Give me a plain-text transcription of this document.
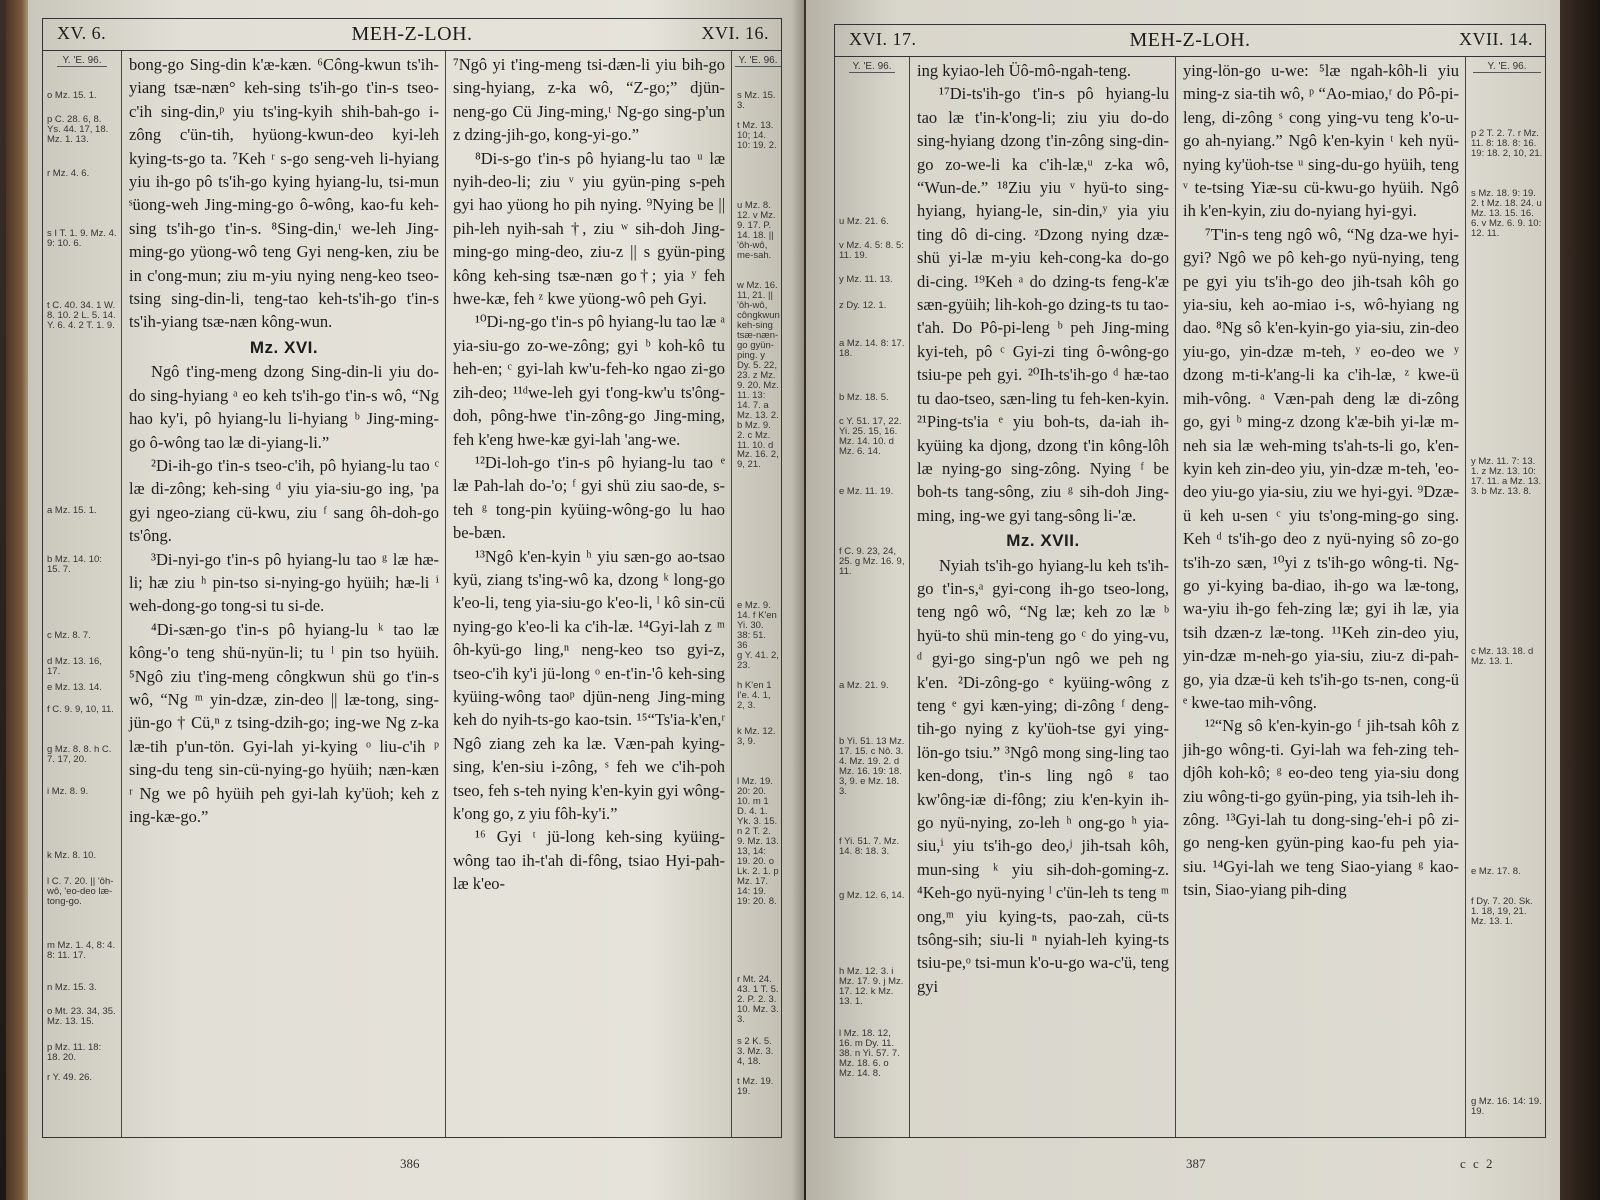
XV. 6.	MEH-Z-LOH.	XVI. 16.
Y. 'E. 96.
o Mz. 15. 1.
p C. 28. 6, 8. Ys. 44. 17, 18. Mz. 1. 13.
r Mz. 4. 6.
s I T. 1. 9. Mz. 4. 9: 10. 6.
t C. 40. 34. 1 W. 8. 10. 2 L. 5. 14. Y. 6. 4. 2 T. 1. 9.
a Mz. 15. 1.
b Mz. 14. 10: 15. 7.
c Mz. 8. 7.
d Mz. 13. 16, 17.
e Mz. 13. 14.
f C. 9. 9, 10, 11.
g Mz. 8. 8. h C. 7. 17, 20.
i Mz. 8. 9.
k Mz. 8. 10.
l C. 7. 20. || 'ôh-wô, 'eo-deo læ-tong-go.
m Mz. 1. 4, 8: 4. 8: 11. 17.
n Mz. 15. 3.
o Mt. 23. 34, 35. Mz. 13. 15.
p Mz. 11. 18: 18. 20.
r Y. 49. 26.

bong-go Sing-din k'æ-kæn. ⁶Công-kwun ts'ih-yiang tsæ-næn° keh-sing ts'ih-go t'in-s tseo-c'ih sing-din,ᵖ yiu ts'ing-kyih shih-bah-go i-zông c'ün-tih, hyüong-kwun-deo kyi-leh kying-ts-go ta. ⁷Keh ʳ s-go seng-veh li-hyiang yiu ih-go pô ts'ih-go kying hyiang-lu, tsi-mun ˢüong-weh Jing-ming-go ô-wông, kao-fu keh-sing ts'ih-go t'in-s. ⁸Sing-din,ᵗ we-leh Jing-ming-go yüong-wô teng Gyi neng-ken, ziu be in c'ong-mun; ziu m-yiu nying neng-keo tseo-tsing sing-din-li, teng-tao keh-ts'ih-go t'in-s ts'ih-yiang tsæ-næn kông-wun.

Mz. XVI.

Ngô t'ing-meng dzong Sing-din-li yiu do-do sing-hyiang ᵃ eo keh ts'ih-go t'in-s wô, “Ng hao ky'i, pô hyiang-lu li-hyiang ᵇ Jing-ming-go ô-wông tao læ di-yiang-li.”

²Di-ih-go t'in-s tseo-c'ih, pô hyiang-lu tao ᶜ læ di-zông; keh-sing ᵈ yiu yia-siu-go ing, 'pa gyi ngeo-ziang cü-kwu, ziu ᶠ sang ôh-doh-go ts'ông.

³Di-nyi-go t'in-s pô hyiang-lu tao ᵍ læ hæ-li; hæ ziu ʰ pin-tso si-nying-go hyüih; hæ-li ⁱ weh-dong-go tong-si tu si-de.

⁴Di-sæn-go t'in-s pô hyiang-lu ᵏ tao læ kông-'o teng shü-nyün-li; tu ˡ pin tso hyüih. ⁵Ngô ziu t'ing-meng côngkwun shü go t'in-s wô, “Ng ᵐ yin-dzæ, zin-deo || læ-tong, sing-jün-go † Cü,ⁿ z tsing-dzih-go; ing-we Ng z-ka læ-tih p'un-tön. Gyi-lah yi-kying ᵒ liu-c'ih ᵖ sing-du teng sin-cü-nying-go hyüih; næn-kæn ʳ Ng we pô hyüih peh gyi-lah ky'üoh; keh z ing-kæ-go.”

⁷Ngô yi t'ing-meng tsi-dæn-li yiu bih-go sing-hyiang, z-ka wô, “Z-go;” djün-neng-go Cü Jing-ming,ᵗ Ng-go sing-p'un z dzing-jih-go, kong-yi-go.”

⁸Di-s-go t'in-s pô hyiang-lu tao ᵘ læ nyih-deo-li; ziu ᵛ yiu gyün-ping s-peh gyi hao yüong ho pih nying. ⁹Nying be || pih-leh nyih-sah †, ziu ʷ sih-doh Jing-ming-go ming-deo, ziu-z || s gyün-ping kông keh-sing tsæ-næn go†; yia ʸ feh hwe-kæ, feh ᶻ kwe yüong-wô peh Gyi.

¹⁰Di-ng-go t'in-s pô hyiang-lu tao læ ᵃ yia-siu-go zo-we-zông; gyi ᵇ koh-kô tu heh-en; ᶜ gyi-lah kw'u-feh-ko ngao zi-go zih-deo; ¹¹ᵈwe-leh gyi t'ong-kw'u ts'ông-doh, pông-hwe t'in-zông-go Jing-ming, feh k'eng hwe-kæ gyi-lah 'ang-we.

¹²Di-loh-go t'in-s pô hyiang-lu tao ᵉ læ Pah-lah do-'o; ᶠ gyi shü ziu sao-de, s-teh ᵍ tong-pin kyüing-wông-go lu hao be-bæn.

¹³Ngô k'en-kyin ʰ yiu sæn-go ao-tsao kyü, ziang ts'ing-wô ka, dzong ᵏ long-go k'eo-li, teng yia-siu-go k'eo-li, ˡ kô sin-cü nying-go k'eo-li ka c'ih-læ. ¹⁴Gyi-lah z ᵐ ôh-kyü-go ling,ⁿ neng-keo tso gyi-z, tseo-c'ih ky'i jü-long ᵒ en-t'in-'ô keh-sing kyüing-wông taoᵖ djün-neng Jing-ming keh do nyih-ts-go kao-tsin. ¹⁵“Ts'ia-k'en,ʳ Ngô ziang zeh ka læ. Væn-pah kying-sing, k'en-siu i-zông, ˢ feh we c'ih-poh tseo, feh s-teh nying k'en-kyin gyi wông-k'ong go, z yiu fôh-ky'i.”

¹⁶ Gyi ᵗ jü-long keh-sing kyüing-wông tao ih-t'ah di-fông, tsiao Hyi-pah-læ k'eo-

Y. 'E. 96.
s Mz. 15. 3.
t Mz. 13. 10; 14. 10: 19. 2.
u Mz. 8. 12. v Mz. 9. 17. P. 14. 18. || 'ôh-wô, me-sah.
w Mz. 16. 11, 21. || 'ôh-wô, côngkwun keh-sing tsæ-næn-go gyün-ping. y Dy. 5. 22, 23. z Mz. 9. 20. Mz. 11. 13: 14. 7. a Mz. 13. 2. b Mz. 9. 2. c Mz. 11. 10. d Mz. 16. 2, 9, 21.
e Mz. 9. 14. f K'en Yi. 30. 38: 51. 36
g Y. 41. 2, 23.
h K'en 1 I'e. 4. 1, 2, 3.
k Mz. 12. 3, 9.
l Mz. 19. 20: 20. 10. m 1 D. 4. 1. Yk. 3. 15. n 2 T. 2. 9. Mz. 13. 13, 14: 19. 20. o Lk. 2. 1. p Mz. 17. 14: 19. 19: 20. 8.
r Mt. 24. 43. 1 T. 5. 2. P. 2. 3. 10. Mz. 3. 3.
s 2 K. 5. 3. Mz. 3. 4, 18.
t Mz. 19. 19.
386
XVI. 17.	MEH-Z-LOH.	XVII. 14.
Y. 'E. 96.
u Mz. 21. 6.
v Mz. 4. 5: 8. 5: 11. 19.
y Mz. 11. 13.
z Dy. 12. 1.
a Mz. 14. 8: 17. 18.
b Mz. 18. 5.
c Y. 51. 17, 22. Yi. 25. 15, 16. Mz. 14. 10. d Mz. 6. 14.
e Mz. 11. 19.
f C. 9. 23, 24, 25. g Mz. 16. 9, 11.
a Mz. 21. 9.
b Yi. 51. 13 Mz. 17. 15. c Nô. 3. 4. Mz. 19. 2. d Mz. 16. 19: 18. 3, 9. e Mz. 18. 3.
f Yi. 51. 7. Mz. 14. 8: 18. 3.
g Mz. 12. 6, 14.
h Mz. 12. 3. i Mz. 17. 9. j Mz. 17. 12. k Mz. 13. 1.
l Mz. 18. 12, 16. m Dy. 11. 38. n Yi. 57. 7. Mz. 18. 6. o Mz. 14. 8.

ing kyiao-leh Üô-mô-ngah-teng.

¹⁷Di-ts'ih-go t'in-s pô hyiang-lu tao læ t'in-k'ong-li; ziu yiu do-do sing-hyiang dzong t'in-zông sing-din-go zo-we-li ka c'ih-læ,ᵘ z-ka wô, “Wun-de.” ¹⁸Ziu yiu ᵛ hyü-to sing-hyiang, hyiang-le, sin-din,ʸ yia yiu ting dô di-cing. ᶻDzong nying dzæ-shü yi-læ m-yiu keh-cong-ka do-go di-cing. ¹⁹Keh ᵃ do dzing-ts feng-k'æ sæn-gyüih; lih-koh-go dzing-ts tu tao-t'ah. Do Pô-pi-leng ᵇ peh Jing-ming kyi-teh, pô ᶜ Gyi-zi ting ô-wông-go tsiu-pe peh gyi. ²⁰Ih-ts'ih-go ᵈ hæ-tao tu dao-tseo, sæn-ling tu feh-ken-kyin. ²¹Ping-ts'ia ᵉ yiu boh-ts, da-iah ih-kyüing ka djong, dzong t'in kông-lôh læ nying-go sing-zông. Nying ᶠ be boh-ts tang-sông, ziu ᵍ sih-doh Jing-ming, ing-we gyi tang-sông li-'æ.

Mz. XVII.

Nyiah ts'ih-go hyiang-lu keh ts'ih-go t'in-s,ᵃ gyi-cong ih-go tseo-long, teng ngô wô, “Ng læ; keh zo læ ᵇ hyü-to shü min-teng go ᶜ do ying-vu, ᵈ gyi-go sing-p'un ngô we peh ng k'en. ²Di-zông-go ᵉ kyüing-wông z teng ᵉ gyi kæn-ying; di-zông ᶠ deng-tih-go nying z ky'üoh-tse gyi ying-lön-go tsiu.” ³Ngô mong sing-ling tao ken-dong, t'in-s ling ngô ᵍ tao kw'ông-iæ di-fông; ziu k'en-kyin ih-go nyü-nying, zo-leh ʰ ong-go ʰ yia-siu,ⁱ yiu ts'ih-go deo,ʲ jih-tsah kôh, mun-sing ᵏ yiu sih-doh-goming-z. ⁴Keh-go nyü-nying ˡ c'ün-leh ts teng ᵐ ong,ᵐ yiu kying-ts, pao-zah, cü-ts tsông-sih; siu-li ⁿ nyiah-leh kying-ts tsiu-pe,ᵒ tsi-mun k'o-u-go wa-c'ü, teng gyi

ying-lön-go u-we: ⁵læ ngah-kôh-li yiu ming-z sia-tih wô, ᵖ “Ao-miao,ʳ do Pô-pi-leng, di-zông ˢ cong ying-vu teng k'o-u-go ah-nyiang.” Ngô k'en-kyin ᵗ keh nyü-nying ky'üoh-tse ᵘ sing-du-go hyüih, teng ᵛ te-tsing Yiæ-su cü-kwu-go hyüih. Ngô ih k'en-kyin, ziu do-nyiang hyi-gyi.

⁷T'in-s teng ngô wô, “Ng dza-we hyi-gyi? Ngô we pô keh-go nyü-nying, teng pe gyi yiu ts'ih-go deo jih-tsah kôh go yia-siu, keh ao-miao i-s, wô-hyiang ng dao. ⁸Ng sô k'en-kyin-go yia-siu, zin-deo yiu-go, yin-dzæ m-teh, ʸ eo-deo we ʸ dzong m-ti-k'ang-li ka c'ih-læ, ᶻ kwe-ü mih-vông. ᵃ Væn-pah deng læ di-zông go, gyi ᵇ ming-z dzong k'æ-bih yi-læ m-neh sia læ weh-ming ts'ah-ts-li go, k'en-kyin keh zin-deo yiu, yin-dzæ m-teh, 'eo-deo yiu-go yia-siu, ziu we hyi-gyi. ⁹Dzæ-ü keh u-sen ᶜ yiu ts'ong-ming-go sing. Keh ᵈ ts'ih-go deo z nyü-nying sô zo-go ts'ih-zo sæn, ¹⁰yi z ts'ih-go wông-ti. Ng-go yi-kying ba-diao, ih-go wa læ-tong, wa-yiu ih-go feh-zing læ; gyi ih læ, yia tsih dzæn-z læ-tong. ¹¹Keh zin-deo yiu, yin-dzæ m-neh-go yia-siu, ziu-z di-pah-go, yia dzæ-ü keh ts'ih-go ts-nen, cong-ü ᵉ kwe-tao mih-vông.

¹²“Ng sô k'en-kyin-go ᶠ jih-tsah kôh z jih-go wông-ti. Gyi-lah wa feh-zing teh-djôh koh-kô; ᵍ eo-deo teng yia-siu dong ziu wông-ti-go gyün-ping, yia tsih-leh ih-zông. ¹³Gyi-lah tu dong-sing-'eh-i pô zi-go neng-ken gyün-ping kao-fu peh yia-siu. ¹⁴Gyi-lah we teng Siao-yiang ᵍ kao-tsin, Siao-yiang pih-ding

Y. 'E. 96.
p 2 T. 2. 7. r Mz. 11. 8: 18. 8: 16. 19: 18. 2, 10, 21.
s Mz. 18. 9: 19. 2. t Mz. 18. 24. u Mz. 13. 15. 16. 6. v Mz. 6. 9. 10: 12. 11.
y Mz. 11. 7: 13. 1. z Mz. 13. 10: 17. 11. a Mz. 13. 3. b Mz. 13. 8.
c Mz. 13. 18. d Mz. 13. 1.
e Mz. 17. 8.
f Dy. 7. 20. Sk. 1. 18, 19, 21. Mz. 13. 1.
g Mz. 16. 14: 19. 19.
387	c c 2
